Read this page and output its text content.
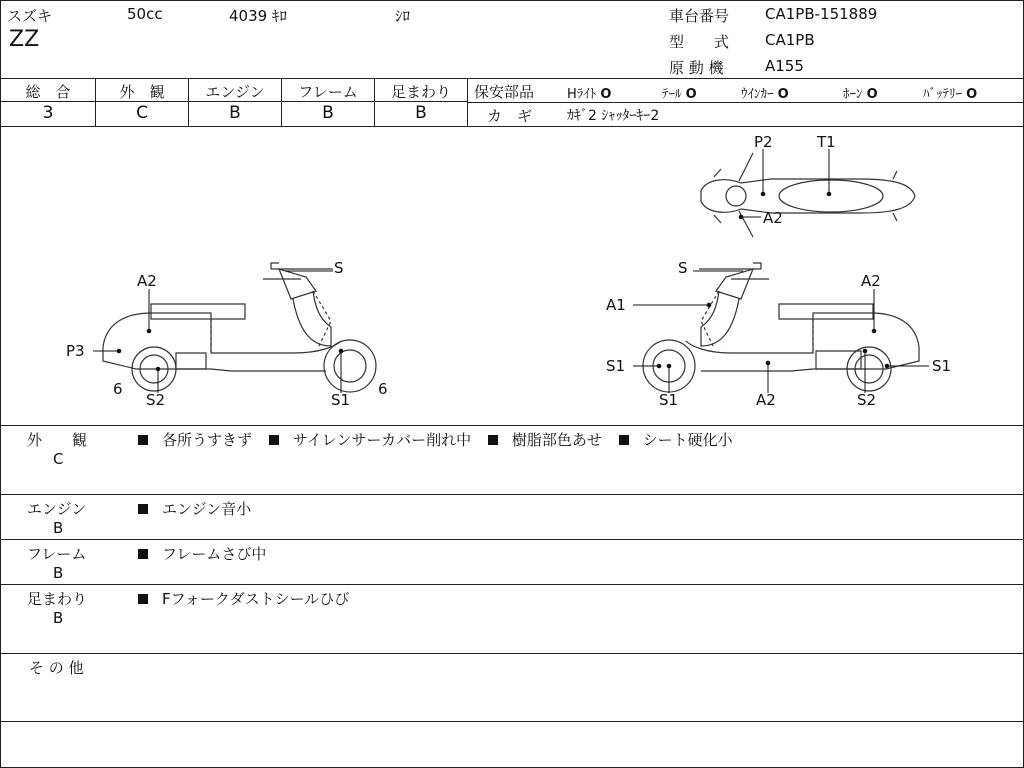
スズキ	50cc	4039 ｷﾛ	ｼﾛ
ZZ
車台番号 CA1PB-151889
型　　式 CA1PB
原 動 機	A155
総　合	外　観	エンジン	フレーム	足まわり
3	C	B	B	B
保安部品	Hﾗｲﾄ O	ﾃｰﾙ O	ｳｲﾝｶｰ O	ﾎｰﾝ O	ﾊﾞｯﾃﾘｰ O
カ　ギ ｶｷﾞ2 ｼｬｯﾀｰｷｰ2
P2	T1
A2
S
A2
P3
6
S2	S1
6
S
A2
A1
S1
S1	A2	S2
S1
外　　観
C
各所うすきず	サイレンサーカバー削れ中	樹脂部色あせ	シート硬化小
エンジン
B
エンジン音小
フレーム
B
フレームさび中
足まわり
B
Fフォークダストシールひび
そ の 他
